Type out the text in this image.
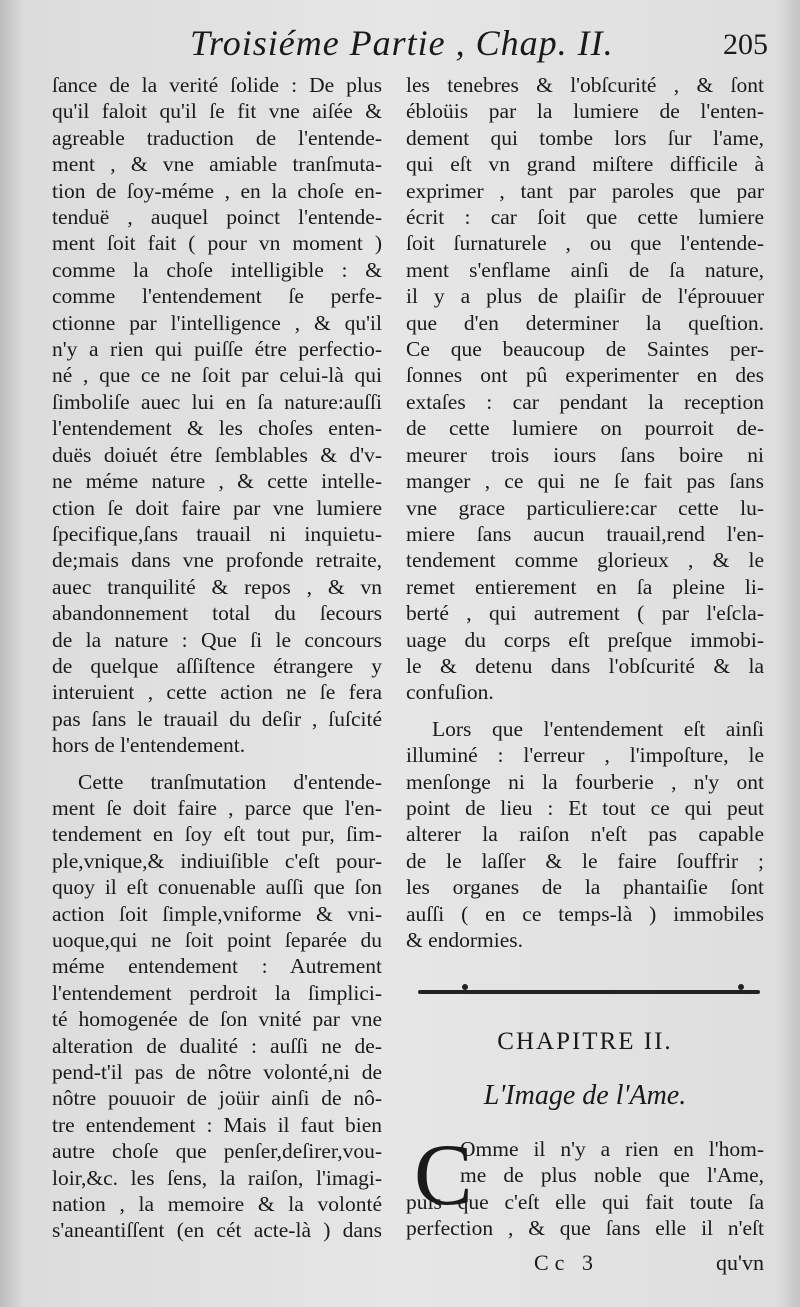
Troisiéme Partie , Chap. II.	205
ſance de la verité ſolide : De plus
qu'il faloit qu'il ſe fit vne aiſée &
agreable traduction de l'entende-
ment , & vne amiable tranſmuta-
tion de ſoy-méme , en la choſe en-
tenduë , auquel poinct l'entende-
ment ſoit fait ( pour vn moment )
comme la choſe intelligible : &
comme l'entendement ſe perfe-
ctionne par l'intelligence , & qu'il
n'y a rien qui puiſſe étre perfectio-
né , que ce ne ſoit par celui-là qui
ſimboliſe auec lui en ſa nature:auſſi
l'entendement & les choſes enten-
duës doiuét étre ſemblables & d'v-
ne méme nature , & cette intelle-
ction ſe doit faire par vne lumiere
ſpecifique,ſans trauail ni inquietu-
de;mais dans vne profonde retraite,
auec tranquilité & repos , & vn
abandonnement total du ſecours
de la nature : Que ſi le concours
de quelque aſſiſtence étrangere y
interuient , cette action ne ſe fera
pas ſans le trauail du deſir , ſuſcité
hors de l'entendement.
Cette tranſmutation d'entende-
ment ſe doit faire , parce que l'en-
tendement en ſoy eſt tout pur, ſim-
ple,vnique,& indiuiſible c'eſt pour-
quoy il eſt conuenable auſſi que ſon
action ſoit ſimple,vniforme & vni-
uoque,qui ne ſoit point ſeparée du
méme entendement : Autrement
l'entendement perdroit la ſimplici-
té homogenée de ſon vnité par vne
alteration de dualité : auſſi ne de-
pend-t'il pas de nôtre volonté,ni de
nôtre pouuoir de joüir ainſi de nô-
tre entendement : Mais il faut bien
autre choſe que penſer,deſirer,vou-
loir,&c. les ſens, la raiſon, l'imagi-
nation , la memoire & la volonté
s'aneantiſſent (en cét acte-là ) dans
les tenebres & l'obſcurité , & ſont
ébloüis par la lumiere de l'enten-
dement qui tombe lors ſur l'ame,
qui eſt vn grand miſtere difficile à
exprimer , tant par paroles que par
écrit : car ſoit que cette lumiere
ſoit ſurnaturele , ou que l'entende-
ment s'enflame ainſi de ſa nature,
il y a plus de plaiſir de l'éprouuer
que d'en determiner la queſtion.
Ce que beaucoup de Saintes per-
ſonnes ont pû experimenter en des
extaſes : car pendant la reception
de cette lumiere on pourroit de-
meurer trois iours ſans boire ni
manger , ce qui ne ſe fait pas ſans
vne grace particuliere:car cette lu-
miere ſans aucun trauail,rend l'en-
tendement comme glorieux , & le
remet entierement en ſa pleine li-
berté , qui autrement ( par l'eſcla-
uage du corps eſt preſque immobi-
le & detenu dans l'obſcurité & la
confuſion.
Lors que l'entendement eſt ainſi
illuminé : l'erreur , l'impoſture, le
menſonge ni la fourberie , n'y ont
point de lieu : Et tout ce qui peut
alterer la raiſon n'eſt pas capable
de le laſſer & le faire ſouffrir ;
les organes de la phantaiſie ſont
auſſi ( en ce temps-là ) immobiles
& endormies.
CHAPITRE II.
L'Image de l'Ame.
C
Omme il n'y a rien en l'hom-
me de plus noble que l'Ame,
puis que c'eſt elle qui fait toute ſa
perfection , & que ſans elle il n'eſt
Cc 3	qu'vn
